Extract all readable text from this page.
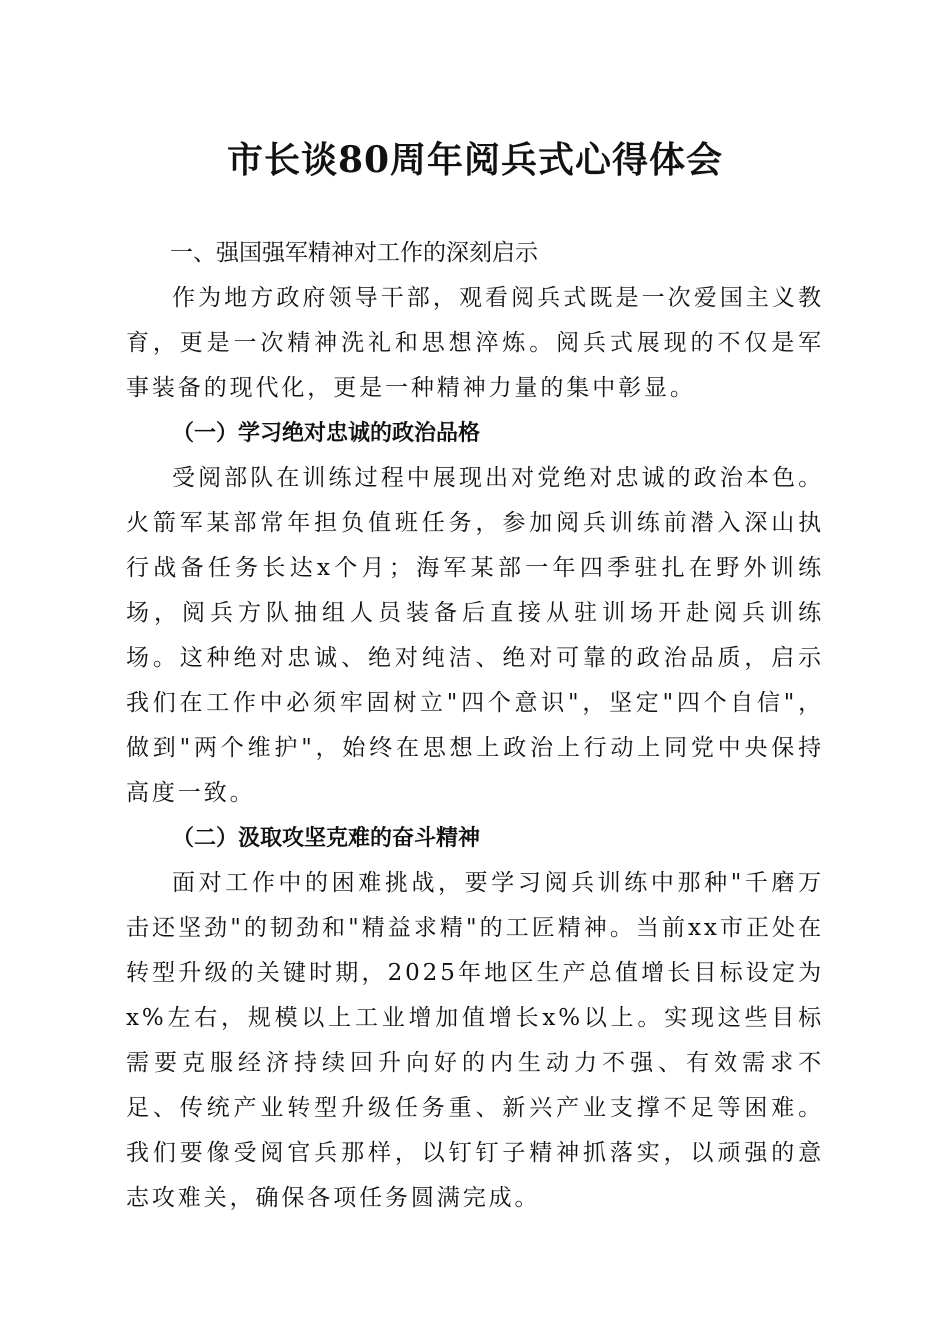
市长谈80周年阅兵式心得体会
一、强国强军精神对工作的深刻启示

作为地方政府领导干部，观看阅兵式既是一次爱国主义教育，更是一次精神洗礼和思想淬炼。阅兵式展现的不仅是军事装备的现代化，更是一种精神力量的集中彰显。

（一）学习绝对忠诚的政治品格

受阅部队在训练过程中展现出对党绝对忠诚的政治本色。火箭军某部常年担负值班任务，参加阅兵训练前潜入深山执行战备任务长达x个月；海军某部一年四季驻扎在野外训练场，阅兵方队抽组人员装备后直接从驻训场开赴阅兵训练场。这种绝对忠诚、绝对纯洁、绝对可靠的政治品质，启示我们在工作中必须牢固树立"四个意识"，坚定"四个自信"，做到"两个维护"，始终在思想上政治上行动上同党中央保持高度一致。

（二）汲取攻坚克难的奋斗精神

面对工作中的困难挑战，要学习阅兵训练中那种"千磨万击还坚劲"的韧劲和"精益求精"的工匠精神。当前xx市正处在转型升级的关键时期，2025年地区生产总值增长目标设定为x%左右，规模以上工业增加值增长x%以上。实现这些目标需要克服经济持续回升向好的内生动力不强、有效需求不足、传统产业转型升级任务重、新兴产业支撑不足等困难。我们要像受阅官兵那样，以钉钉子精神抓落实，以顽强的意志攻难关，确保各项任务圆满完成。
